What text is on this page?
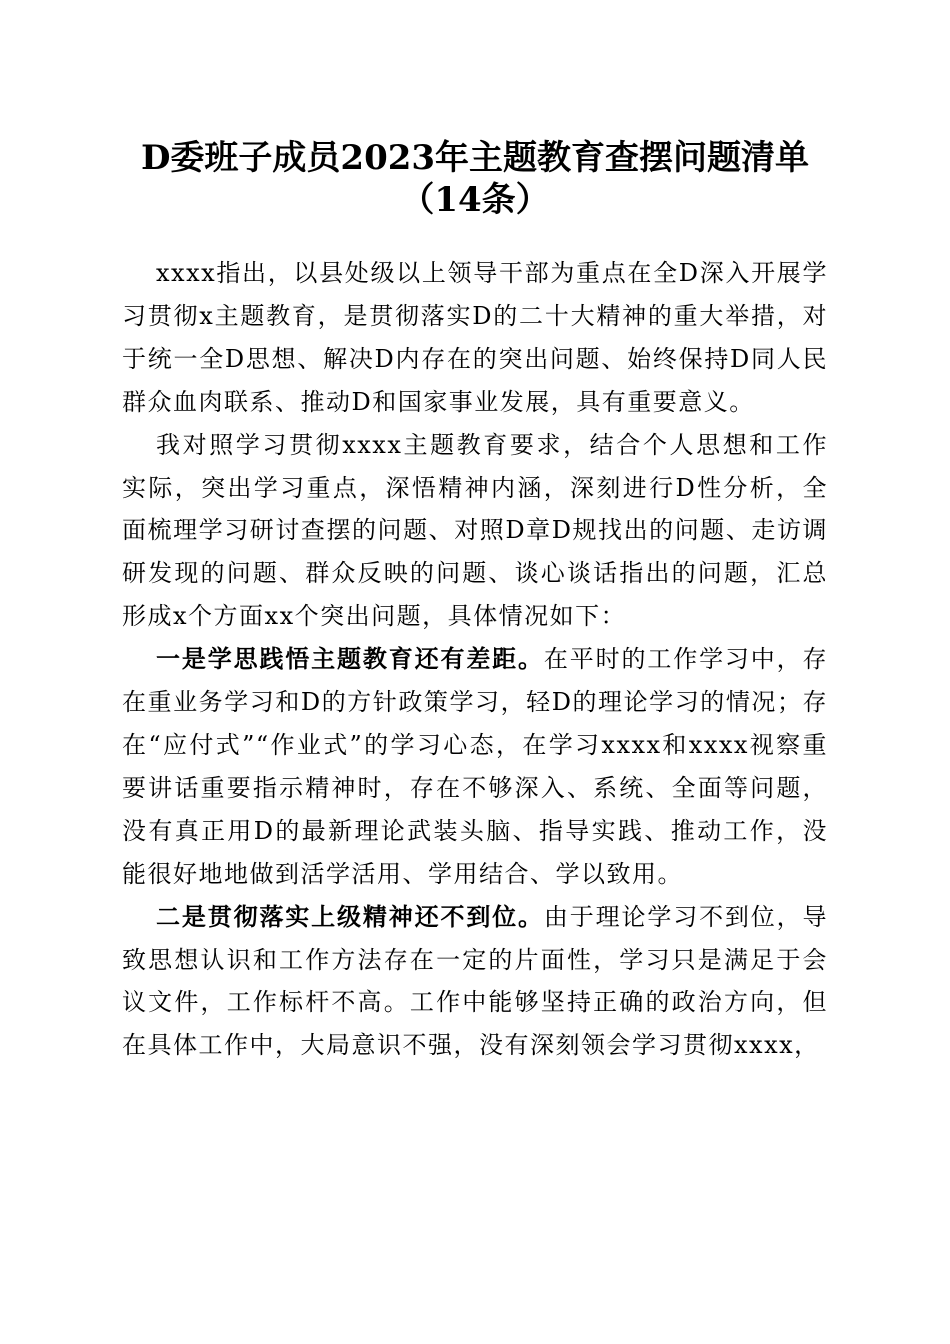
D委班子成员2023年主题教育查摆问题清单
（14条）

xxxx指出，以县处级以上领导干部为重点在全D深入开展学习贯彻x主题教育，是贯彻落实D的二十大精神的重大举措，对于统一全D思想、解决D内存在的突出问题、始终保持D同人民群众血肉联系、推动D和国家事业发展，具有重要意义。

我对照学习贯彻xxxx主题教育要求，结合个人思想和工作实际，突出学习重点，深悟精神内涵，深刻进行D性分析，全面梳理学习研讨查摆的问题、对照D章D规找出的问题、走访调研发现的问题、群众反映的问题、谈心谈话指出的问题，汇总形成x个方面xx个突出问题，具体情况如下：

一是学思践悟主题教育还有差距。在平时的工作学习中，存在重业务学习和D的方针政策学习，轻D的理论学习的情况；存在“应付式”“作业式”的学习心态，在学习xxxx和xxxx视察重要讲话重要指示精神时，存在不够深入、系统、全面等问题，没有真正用D的最新理论武装头脑、指导实践、推动工作，没能很好地地做到活学活用、学用结合、学以致用。

二是贯彻落实上级精神还不到位。由于理论学习不到位，导致思想认识和工作方法存在一定的片面性，学习只是满足于会议文件，工作标杆不高。工作中能够坚持正确的政治方向，但在具体工作中，大局意识不强，没有深刻领会学习贯彻xxxx，
